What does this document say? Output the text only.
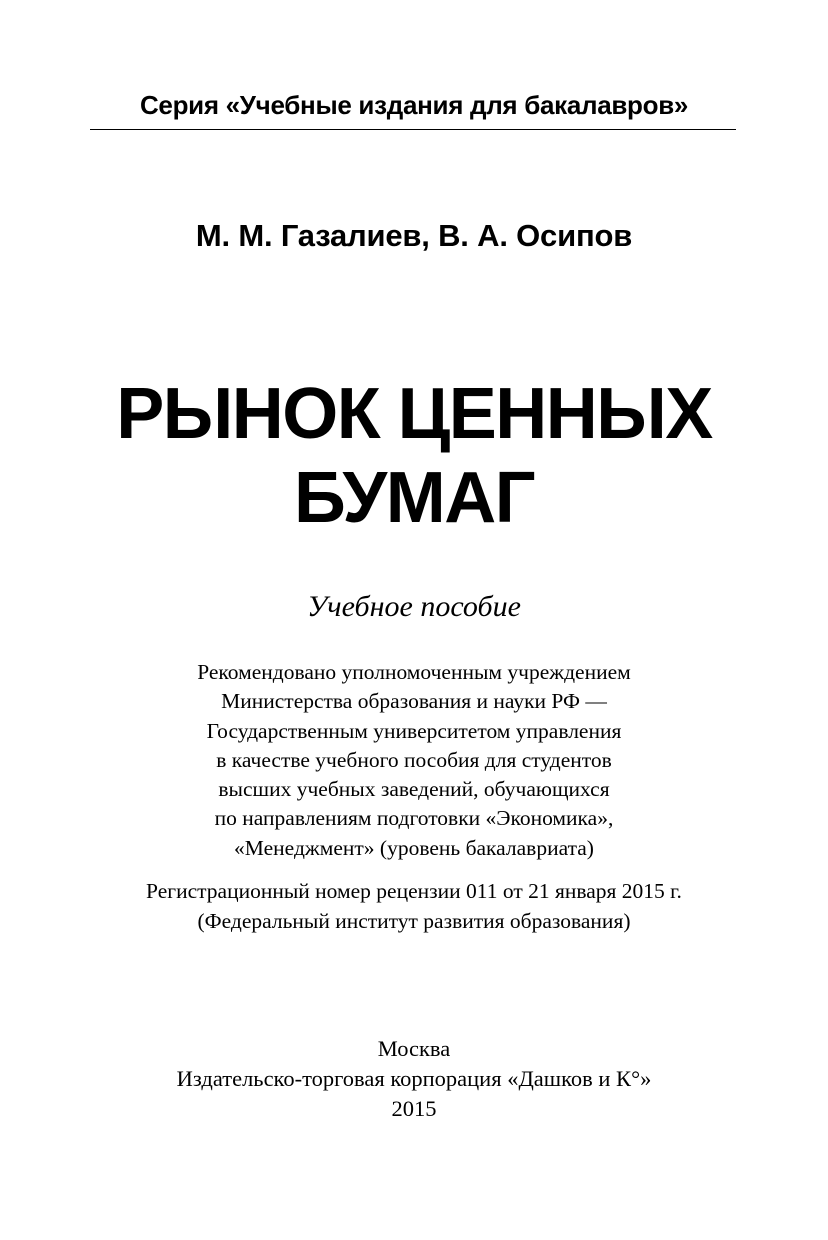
Серия «Учебные издания для бакалавров»
М. М. Газалиев, В. А. Осипов
РЫНОК ЦЕННЫХ
БУМАГ
Учебное пособие
Рекомендовано уполномоченным учреждением
Министерства образования и науки РФ —
Государственным университетом управления
в качестве учебного пособия для студентов
высших учебных заведений, обучающихся
по направлениям подготовки «Экономика»,
«Менеджмент» (уровень бакалавриата)
Регистрационный номер рецензии 011 от 21 января 2015 г.
(Федеральный институт развития образования)
Москва
Издательско-торговая корпорация «Дашков и К°»
2015
